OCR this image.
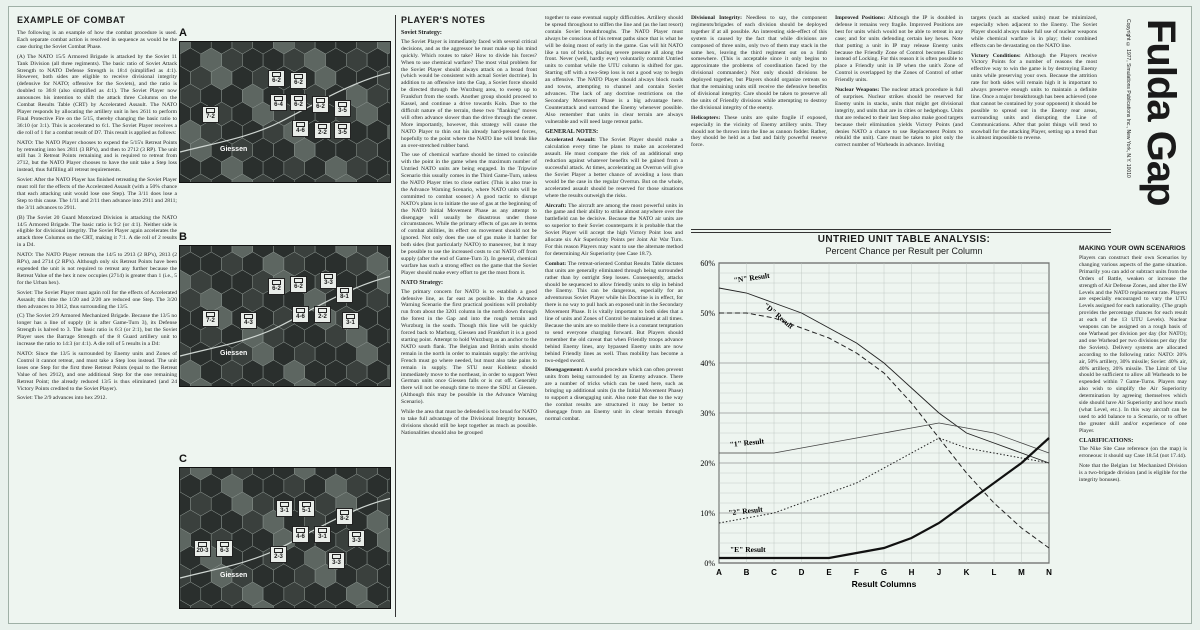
EXAMPLE OF COMBAT

The following is an example of how the combat procedure is used. Each separate combat action is resolved in sequence as would be the case during the Soviet Combat Phase.

(A) The NATO 15/5 Armored Brigade is attacked by the Soviet 11 Tank Division (all three regiments). The basic ratio of Soviet Attack Strength to NATO Defense Strength is 18:4 (simplified as 4:1). However, both sides are eligible to receive divisional integrity (defensive for NATO; offensive for the Soviets), and the ratio is doubled to 36:8 (also simplified as 4:1). The Soviet Player now announces his intention to shift the attack three Columns on the Combat Results Table (CRT) by Accelerated Assault. The NATO Player responds by allocating the artillery unit in hex 2611 to perform Final Protective Fire on the 5/15, thereby changing the basic ratio to 36:10 (or 3:1). This is accelerated to 6:1. The Soviet Player receives a die roll of 1 for a combat result of D7. This result is applied as follows:

NATO: The NATO Player chooses to expend the 5/15's Retreat Points by retreating into hex 2811 (3 RP's), and then to 2712 (3 RP). The unit still has 3 Retreat Points remaining and is required to retreat from 2712, but the NATO Player chooses to have the unit take a Step loss instead, thus fulfilling all retreat requirements.

Soviet: After the NATO Player has finished retreating the Soviet Player must roll for the effects of the Accelerated Assault (with a 50% chance that each attacking unit would lose one Step). The 3/11 does lose a Step to this cause. The 1/11 and 2/11 then advance into 2911 and 2811; the 3/11 advances to 2911.

(B) The Soviet 20 Guard Motorized Division is attacking the NATO 14/5 Armored Brigade. The basic ratio is 9:2 (or 4:1). Neither side is eligible for divisional integrity. The Soviet Player again accelerates the attack three Columns on the CRT, making it 7:1. A die roll of 2 results in a D4.

NATO: The NATO Player retreats the 14/5 to 2913 (2 RP's), 2813 (2 RP's), and 2714 (2 RP's). Although only six Retreat Points have been expended the unit is not required to retreat any further because the Retreat Value of the hex it now occupies (2714) is greater than 1 (i.e., 5 for the Urban hex).

Soviet: The Soviet Player must again roll for the effects of Accelerated Assault; this time the 1/20 and 2/20 are reduced one Step. The 3/20 then advances to 3012, thus surrounding the 13/5.

(C) The Soviet 2/9 Armored Mechanized Brigade. Because the 13/5 no longer has a line of supply (it is after Game-Turn 3), its Defense Strength is halved to 3. The basic ratio is 6:3 (or 2:1), but the Soviet Player uses the Barrage Strength of the 8 Guard artillery unit to increase the ratio to 14:3 (or 4:1). A die roll of 5 results in a D4:

NATO: Since the 13/5 is surrounded by Enemy units and Zones of Control it cannot retreat, and must take a Step loss instead. The unit loses one Step for the first three Retreat Points (equal to the Retreat Value of hex 2912), and one additional Step for the one remaining Retreat Point; the already reduced 13/5 is thus eliminated (and 24 Victory Points credited to the Soviet Player).

Soviet: The 2/9 advances into hex 2912.

A
Giessen
7-2
6-2	6-2
6-4	6-2	6-2
4-6	2-2
3-5
3-5
B
Giessen
7-2	4-3
6-2	6-2
4-6	2-2
8-1
3-1
3-3
C
Giessen
20-3	6-3
3-1	5-1
4-6	3-1
8-2
3-3
3-3
2-3
PLAYER'S NOTES
Soviet Strategy:

The Soviet Player is immediately faced with several critical decisions, and as the aggressor he must make up his mind quickly. Which routes to take? How to divide his forces? When to use chemical warfare? The most vital problem for the Soviet Player should always attack on a broad front (which would be consistent with actual Soviet doctrine). In addition to an offensive into the Gap, a Soviet force should be directed through the Wurzburg area, to sweep up to Frankfurt from the south. Another group should proceed to Kassel, and continue a drive towards Koln. Due to the difficult nature of the terrain, these two "flanking" moves will often advance slower than the drive through the center. More importantly, however, this strategy will cause the NATO Player to thin out his already hard-pressed forces, hopefully to the point where the NATO line will break like an over-stretched rubber band.

The use of chemical warfare should be timed to coincide with the point in the game when the maximum number of Untried NATO units are being engaged. In the Tripwire Scenario this usually comes in the Third Game-Turn, unless the NATO Player tries to close earlier. (This is also true in the Advance Warning Scenario, where NATO units will be committed to combat sooner.) A good tactic to disrupt NATO's plans is to initiate the use of gas at the beginning of the NATO Initial Movement Phase as any attempt to disengage will usually be disastrous under those circumstances. While the primary effects of gas are in terms of combat abilities, its effect on movement should not be ignored. Not only does the use of gas make it harder for both sides (but particularly NATO) to maneuver, but it may be possible to use the increased costs to cut NATO off from supply (after the end of Game-Turn 3). In general, chemical warfare has such a strong effect on the game that the Soviet Player should make every effort to get the most from it.

NATO Strategy:

The primary concern for NATO is to establish a good defensive line, as far east as possible. In the Advance Warning Scenario the first practical positions will probably run from about the 3201 column in the north down through the forest in the Gap and into the rough terrain and Wurzburg in the south. Though this line will be quickly forced back to Marburg, Giessen and Frankfurt it is a good starting point. Attempt to hold Wurzburg as an anchor to the NATO south flank. The Belgian and British units should remain in the north in order to maintain supply: the arriving French must go where needed, but must also take pains to remain in supply. The STU near Koblenz should immediately move to the northeast, in order to support West German units once Giessen falls or is cut off. Generally there will not be enough time to move the SDU at Giessen. (Although this may be possible in the Advance Warning Scenario).

While the area that must be defended is too broad for NATO to take full advantage of the Divisional Integrity bonuses, divisions should still be kept together as much as possible. Nationalities should also be grouped

together to ease eventual supply difficulties. Artillery should be spread throughout to stiffen the line and (as the last resort) contain Soviet breakthroughs. The NATO Player must always be conscious of his retreat paths since that is what he will be doing most of early in the game. Gas will hit NATO like a ton of bricks, placing severe pressure all along the front. Never (well, hardly ever) voluntarily commit Untried units to combat while the UTU column is shifted for gas. Starting off with a two-Step loss is not a good way to begin an offensive. The NATO Player should always block roads and towns, attempting to channel and contain Soviet advances. The lack of any doctrine restrictions on the Secondary Movement Phase is a big advantage here. Counterattack and surround the Enemy whenever possible. Also remember that units in clear terrain are always vulnerable and will need large retreat paths.

GENERAL NOTES:

Accelerated Assault: The Soviet Player should make a calculation every time he plans to make an accelerated assault. He must compare the risk of an additional step reduction against whatever benefits will be gained from a successful attack. At times, accelerating an Overrun will give the Soviet Player a better chance of avoiding a loss than would be the case in the regular Overrun. But on the whole, accelerated assault should be reserved for those situations where the results outweigh the risks.

Aircraft: The aircraft are among the most powerful units in the game and their ability to strike almost anywhere over the battlefield can be decisive. Because the NATO air units are so superior to their Soviet counterparts it is probable that the Soviet Player will accept the high Victory Point loss and allocate six Air Superiority Points per Joint Air War Turn. For this reason Players may want to use the alternate method for determining Air Superiority (see Case 18.7).

Combat: The retreat-oriented Combat Results Table dictates that units are generally eliminated through being surrounded rather than by outright Step losses. Consequently, attacks should be sequenced to allow friendly units to slip in behind the Enemy. This can be dangerous, especially for an adventurous Soviet Player while his Doctrine is in effect, for there is no way to pull back an exposed unit in the Secondary Movement Phase. It is vitally important to both sides that a line of units and Zones of Control be maintained at all times. Because the units are so mobile there is a constant temptation to send everyone charging forward. But Players should remember the old caveat that when Friendly troops advance behind Enemy lines, any bypassed Enemy units are now behind Friendly lines as well. Thus mobility has become a two-edged sword.

Disengagement: A useful procedure which can often prevent units from being surrounded by an Enemy advance. There are a number of tricks which can be used here, such as bringing up additional units (in the Initial Movement Phase) to support a disengaging unit. Also note that due to the way the combat results are structured it may be better to disengage from an Enemy unit in clear terrain through normal combat.

Divisional Integrity: Needless to say, the component regiments/brigades of each division should be deployed together if at all possible. An interesting side-effect of this system is caused by the fact that while divisions are composed of three units, only two of them may stack in the same hex, leaving the third regiment out on a limb somewhere. (This is acceptable since it only begins to approximate the problems of coordination faced by the divisional commander.) Not only should divisions be deployed together, but Players should organize retreats so that the remaining units still receive the defensive benefits of divisional integrity. Care should be taken to preserve all the units of Friendly divisions while attempting to destroy the divisional integrity of the enemy.

Helicopters: These units are quite fragile if exposed, especially in the vicinity of Enemy artillery units. They should not be thrown into the line as cannon fodder. Rather, they should be held as a fast and fairly powerful reserve force.

Improved Positions: Although the IP is doubled in defense it remains very fragile. Improved Positions are best for units which would not be able to retreat in any case; and for units defending certain key hexes. Note that putting a unit in IP may release Enemy units because the Friendly Zone of Control becomes Elastic instead of Locking. For this reason it is often possible to place a Friendly unit in IP when the unit's Zone of Control is overlapped by the Zones of Control of other Friendly units.

Nuclear Weapons: The nuclear attack procedure is full of surprises. Nuclear strikes should be reserved for Enemy units in stacks, units that might get divisional integrity, and units that are in cities or hedgehogs. Units that are reduced to their last Step also make good targets because their elimination yields Victory Points (and denies NATO a chance to use Replacement Points to rebuild the unit). Care must be taken to plot only the correct number of Warheads in advance. Inviting

targets (such as stacked units) must be minimized, especially when adjacent to the Enemy. The Soviet Player should always make full use of nuclear weapons while chemical warfare is in play; their combined effects can be devastating on the NATO line.

Victory Conditions: Although the Players receive Victory Points for a number of reasons the most effective way to win the game is by destroying Enemy units while preserving your own. Because the attrition rate for both sides will remain high it is important to always preserve enough units to maintain a definite line. Once a major breakthrough has been achieved (one that cannot be contained by your opponent) it should be possible to spread out in the Enemy rear areas, surrounding units and disrupting the Line of Communications. After that point things will tend to snowball for the attacking Player, setting up a trend that is almost impossible to reverse.	Fulda Gap
Copyright © 1977, Simulations Publications Inc., New York, N.Y. 10010
UNTRIED UNIT TABLE ANALYSIS:
Percent Chance per Result per Column
0%
10%
20%
30%
40%
50%
60%
A	B	C	D	E	F	G	H	J	K	L	M	N
Result Columns
"N" Result
"D" Result
"1" Result
"2" Result
"E" Result
MAKING YOUR OWN SCENARIOS

Players can construct their own Scenarios by changing various aspects of the game situation. Primarily you can add or subtract units from the Orders of Battle, weaken or increase the strength of Air Defense Zones, and alter the EW Levels and the NATO replacement rate. Players are especially encouraged to vary the UTU Levels assigned for each nationality. (The graph provides the percentage chances for each result at each of the 13 UTU Levels). Nuclear weapons can be assigned on a rough basis of one Warhead per division per day (for NATO); and one Warhead per two divisions per day (for the Soviets). Delivery systems are allocated according to the following ratio: NATO: 20% air, 50% artillery, 30% missile; Soviet: 40% air, 40% artillery, 20% missile. The Limit of Use should be sufficient to allow all Warheads to be expended within 7 Game-Turns. Players may also wish to simplify the Air Superiority determination by agreeing themselves which side should have Air Superiority and how much (what Level, etc.). In this way aircraft can be used to add balance to a Scenario, or to offset the greater skill and/or experience of one Player.

CLARIFICATIONS:

The Nike Site Case reference (on the map) is erroneous: it should say Case 18.54 (not 17.44).

Note that the Belgian 1st Mechanized Division is a two-brigade division (and is eligible for the integrity bonuses).
